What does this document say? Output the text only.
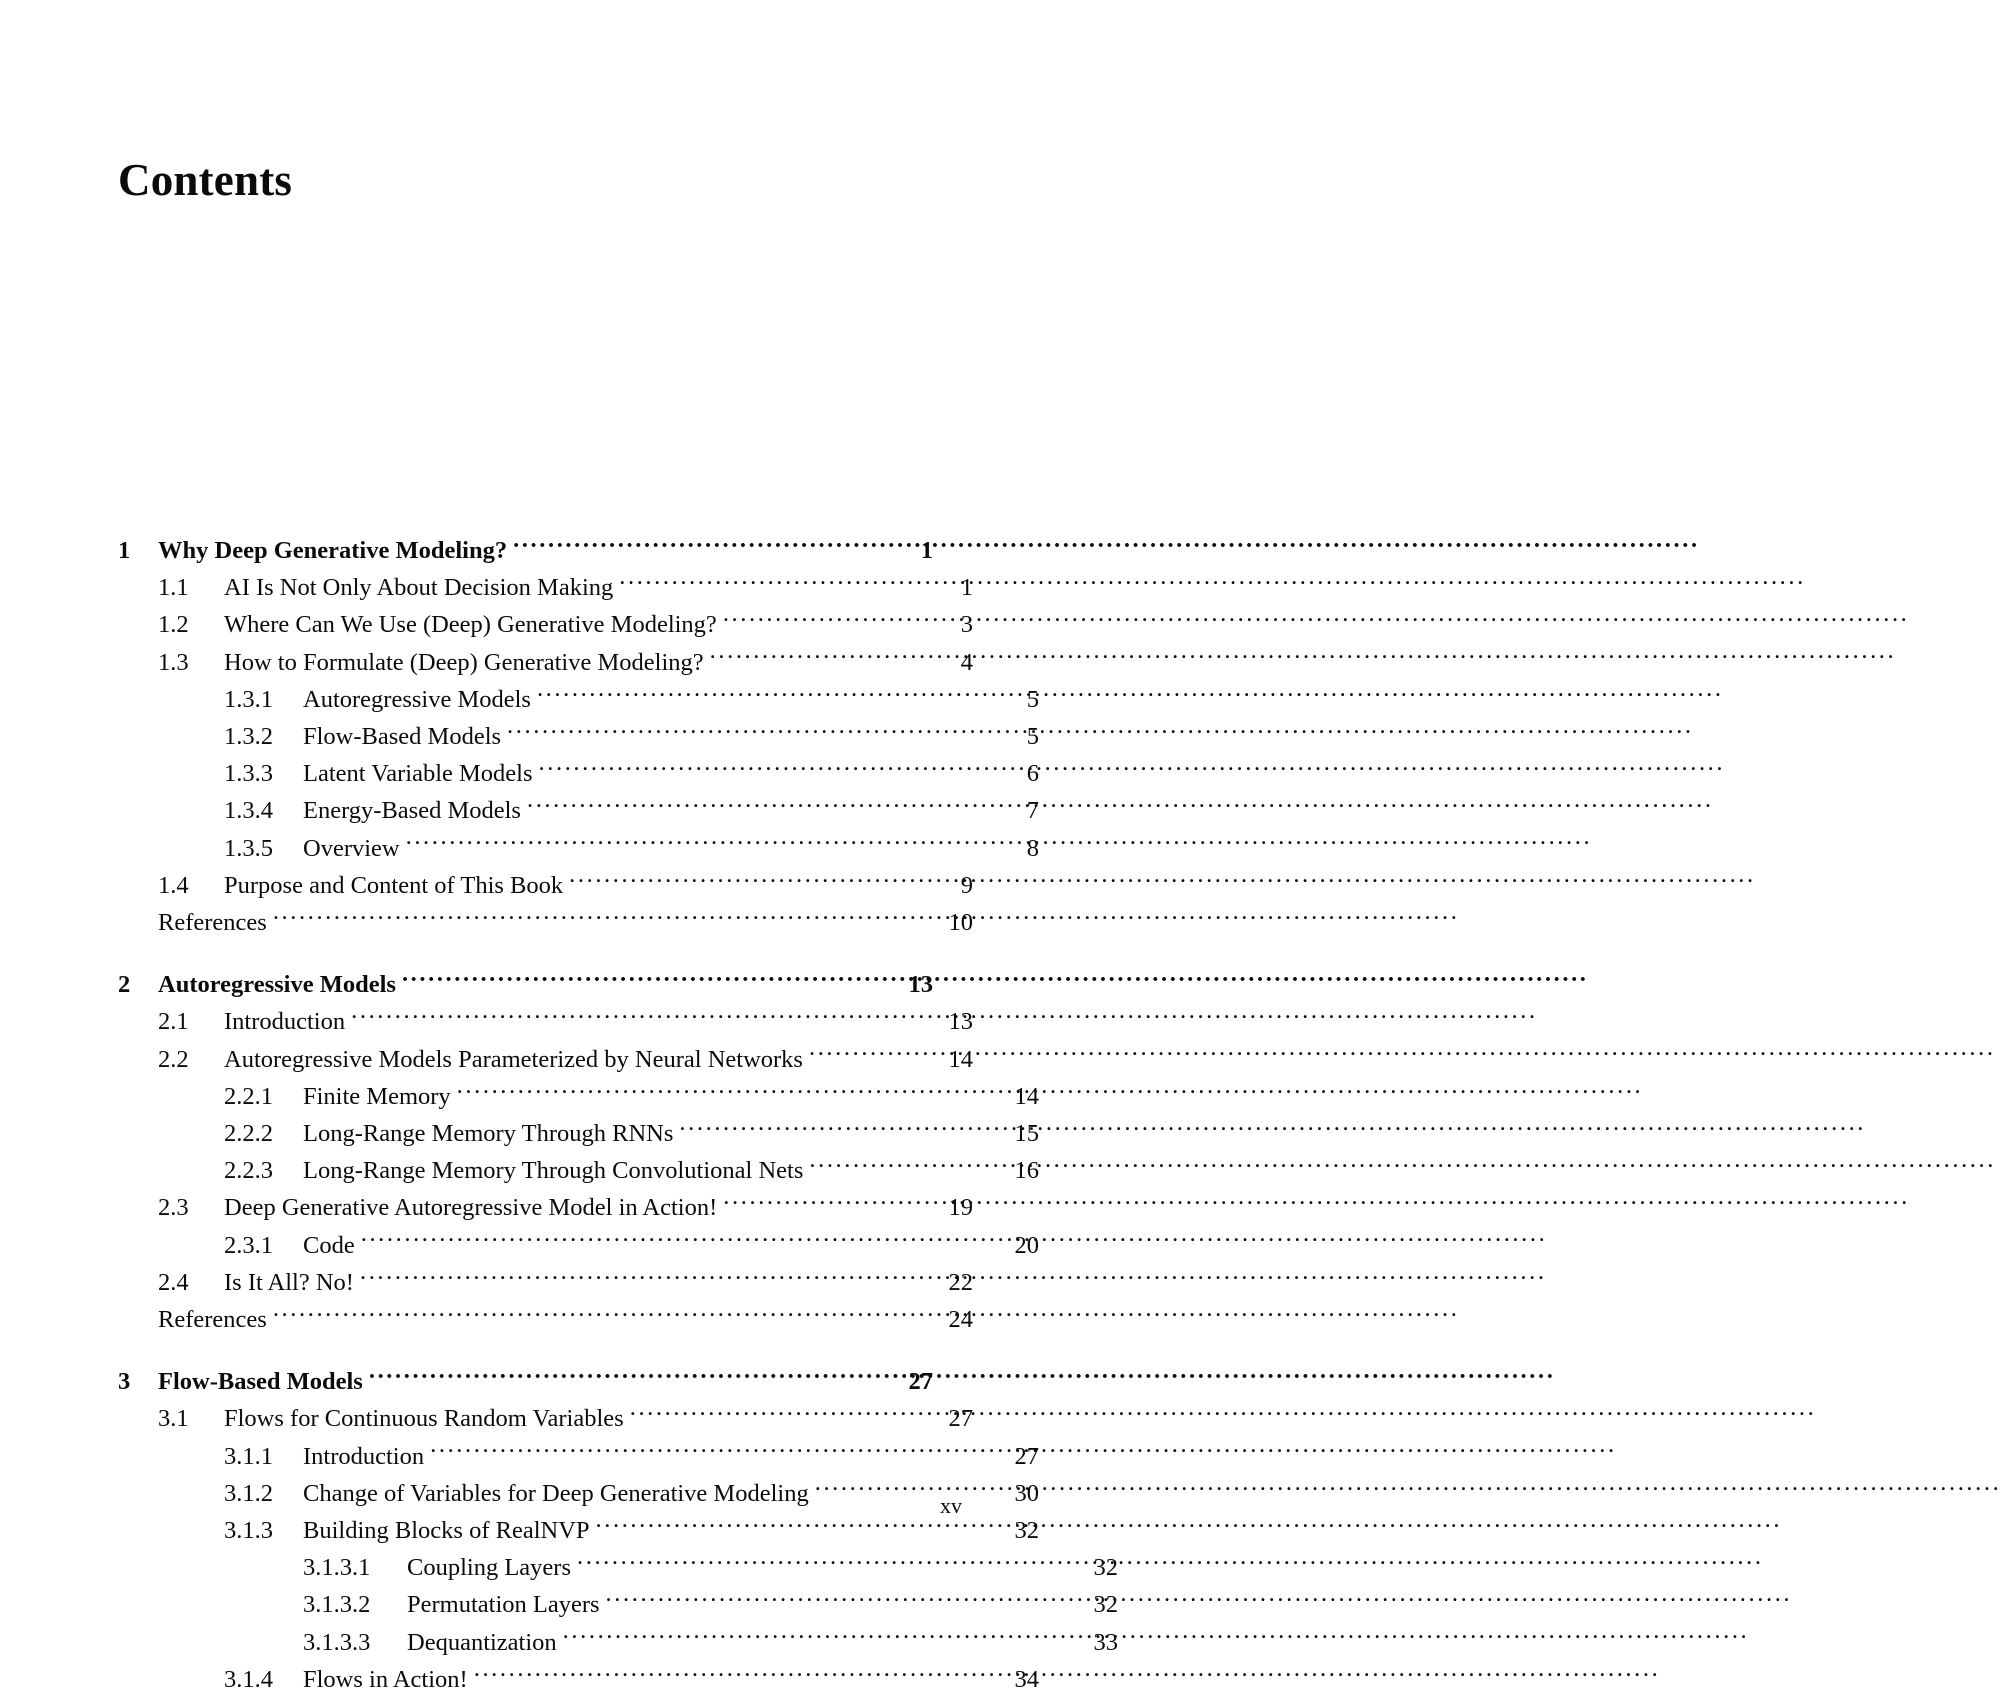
Contents
1	Why Deep Generative Modeling? .....	1
1.1	AI Is Not Only About Decision Making .....	1
1.2	Where Can We Use (Deep) Generative Modeling? .....	3
1.3	How to Formulate (Deep) Generative Modeling? .....	4
1.3.1	Autoregressive Models .....	5
1.3.2	Flow-Based Models .....	5
1.3.3	Latent Variable Models .....	6
1.3.4	Energy-Based Models .....	7
1.3.5	Overview .....	8
1.4	Purpose and Content of This Book .....	9
References .....	10
2	Autoregressive Models .....	13
2.1	Introduction .....	13
2.2	Autoregressive Models Parameterized by Neural Networks .....	14
2.2.1	Finite Memory .....	14
2.2.2	Long-Range Memory Through RNNs .....	15
2.2.3	Long-Range Memory Through Convolutional Nets .....	16
2.3	Deep Generative Autoregressive Model in Action! .....	19
2.3.1	Code .....	20
2.4	Is It All? No! .....	22
References .....	24
3	Flow-Based Models .....	27
3.1	Flows for Continuous Random Variables .....	27
3.1.1	Introduction .....	27
3.1.2	Change of Variables for Deep Generative Modeling .....	30
3.1.3	Building Blocks of RealNVP .....	32
3.1.3.1	Coupling Layers .....	32
3.1.3.2	Permutation Layers .....	32
3.1.3.3	Dequantization .....	33
3.1.4	Flows in Action! .....	34
xv
